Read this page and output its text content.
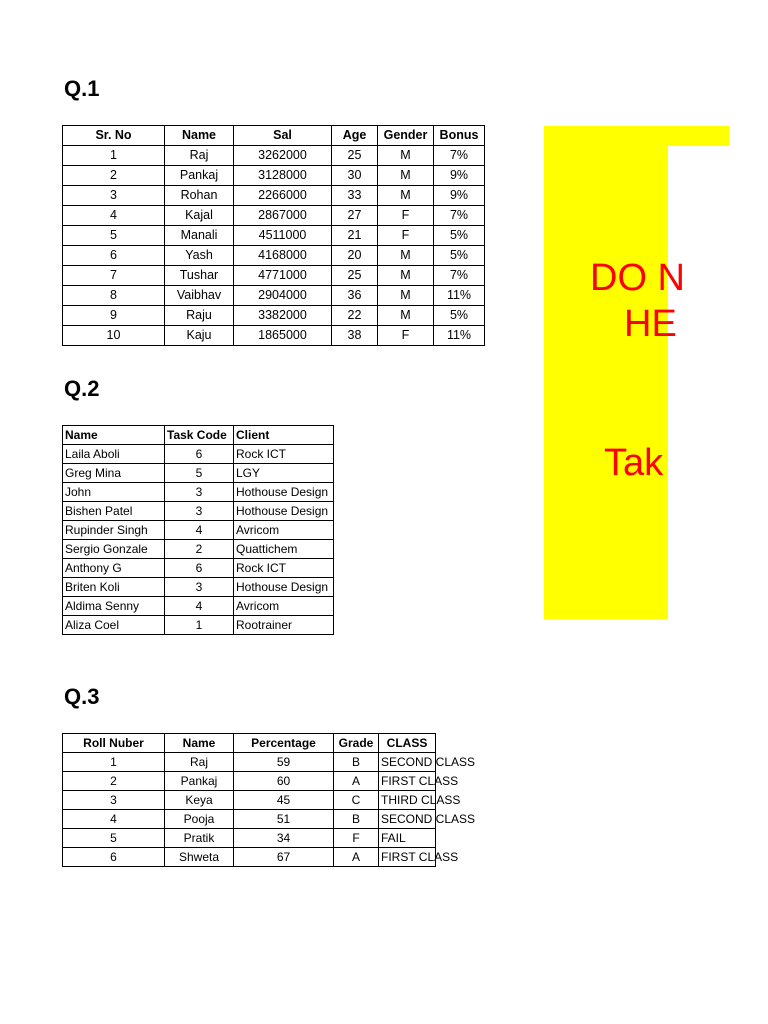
Q.1
Sr. No	Name	Sal	Age	Gender	Bonus
1	Raj	3262000	25	M	7%
2	Pankaj	3128000	30	M	9%
3	Rohan	2266000	33	M	9%
4	Kajal	2867000	27	F	7%
5	Manali	4511000	21	F	5%
6	Yash	4168000	20	M	5%
7	Tushar	4771000	25	M	7%
8	Vaibhav	2904000	36	M	11%
9	Raju	3382000	22	M	5%
10	Kaju	1865000	38	F	11%
Q.2
Name	Task Code	Client
Laila Aboli	6	Rock ICT
Greg Mina	5	LGY
John	3	Hothouse Design
Bishen Patel	3	Hothouse Design
Rupinder Singh	4	Avricom
Sergio Gonzale	2	Quattichem
Anthony G	6	Rock ICT
Briten Koli	3	Hothouse Design
Aldima Senny	4	Avricom
Aliza Coel	1	Rootrainer
Q.3
Roll Nuber	Name	Percentage	Grade	CLASS
1	Raj	59	B	SECOND CLASS
2	Pankaj	60	A	FIRST CLASS
3	Keya	45	C	THIRD CLASS
4	Pooja	51	B	SECOND CLASS
5	Pratik	34	F	FAIL
6	Shweta	67	A	FIRST CLASS
DO N
HE
Tak
